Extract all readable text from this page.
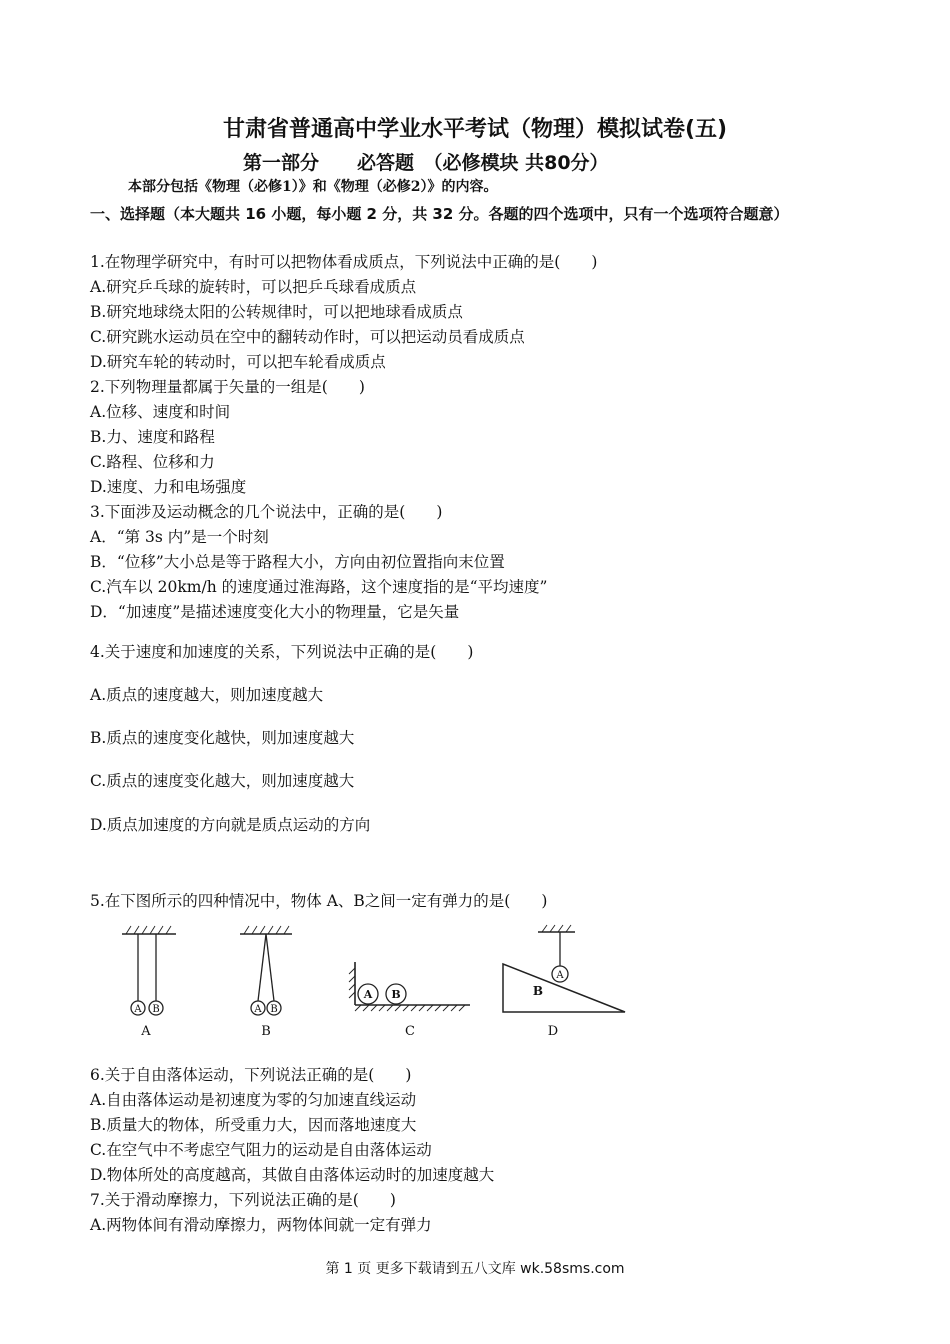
甘肃省普通高中学业水平考试（物理）模拟试卷(五)
第一部分　　必答题　（必修模块 共80分）
本部分包括《物理（必修1）》和《物理（必修2）》的内容。
一、选择题（本大题共 16 小题，每小题 2 分，共 32 分。各题的四个选项中，只有一个选项符合题意）
1.在物理学研究中，有时可以把物体看成质点，下列说法中正确的是(　　)
A.研究乒乓球的旋转时，可以把乒乓球看成质点
B.研究地球绕太阳的公转规律时，可以把地球看成质点
C.研究跳水运动员在空中的翻转动作时，可以把运动员看成质点
D.研究车轮的转动时，可以把车轮看成质点
2.下列物理量都属于矢量的一组是(　　)
A.位移、速度和时间
B.力、速度和路程
C.路程、位移和力
D.速度、力和电场强度
3.下面涉及运动概念的几个说法中，正确的是(　　)
A．“第 3s 内”是一个时刻
B．“位移”大小总是等于路程大小，方向由初位置指向末位置
C.汽车以 20km/h 的速度通过淮海路，这个速度指的是“平均速度”
D．“加速度”是描述速度变化大小的物理量，它是矢量
4.关于速度和加速度的关系，下列说法中正确的是(　　)
A.质点的速度越大，则加速度越大
B.质点的速度变化越快，则加速度越大
C.质点的速度变化越大，则加速度越大
D.质点加速度的方向就是质点运动的方向
5.在下图所示的四种情况中，物体 A、B之间一定有弹力的是(　　)
A B
A
A B
B
A B
C
A
B
D
6.关于自由落体运动，下列说法正确的是(　　)
A.自由落体运动是初速度为零的匀加速直线运动
B.质量大的物体，所受重力大，因而落地速度大
C.在空气中不考虑空气阻力的运动是自由落体运动
D.物体所处的高度越高，其做自由落体运动时的加速度越大
7.关于滑动摩擦力，下列说法正确的是(　　)
A.两物体间有滑动摩擦力，两物体间就一定有弹力
第 1 页 更多下载请到五八文库 wk.58sms.com
